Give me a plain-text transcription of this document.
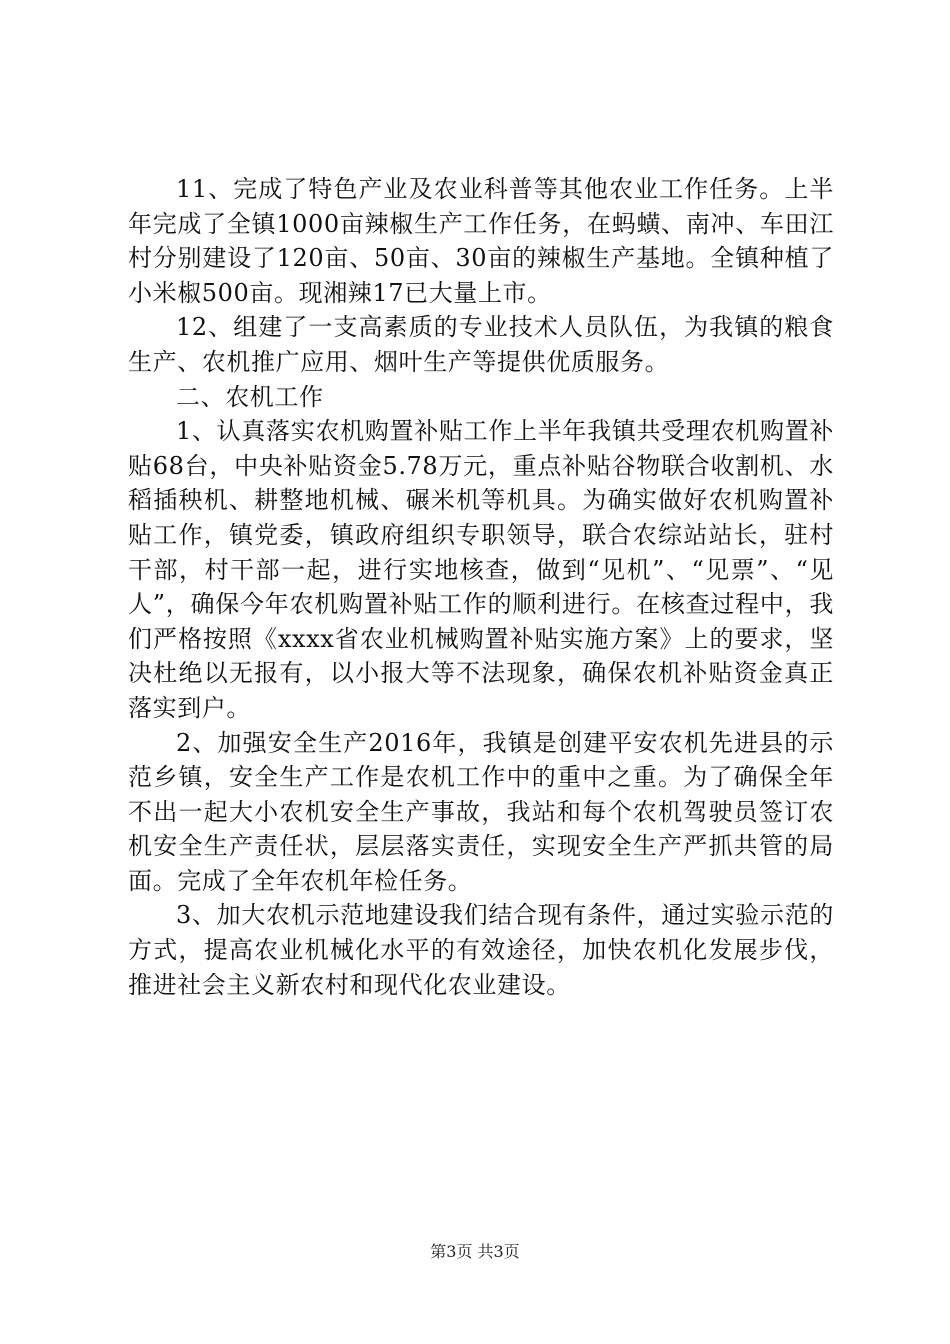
11、完成了特色产业及农业科普等其他农业工作任务。上半年完成了全镇1000亩辣椒生产工作任务，在蚂蟥、南冲、车田江村分别建设了120亩、50亩、30亩的辣椒生产基地。全镇种植了小米椒500亩。现湘辣17已大量上市。

12、组建了一支高素质的专业技术人员队伍，为我镇的粮食生产、农机推广应用、烟叶生产等提供优质服务。

二、农机工作

1、认真落实农机购置补贴工作上半年我镇共受理农机购置补贴68台，中央补贴资金5.78万元，重点补贴谷物联合收割机、水稻插秧机、耕整地机械、碾米机等机具。为确实做好农机购置补贴工作，镇党委，镇政府组织专职领导，联合农综站站长，驻村干部，村干部一起，进行实地核查，做到“见机”、“见票”、“见人”，确保今年农机购置补贴工作的顺利进行。在核查过程中，我们严格按照《xxxx省农业机械购置补贴实施方案》上的要求，坚决杜绝以无报有，以小报大等不法现象，确保农机补贴资金真正落实到户。

2、加强安全生产2016年，我镇是创建平安农机先进县的示范乡镇，安全生产工作是农机工作中的重中之重。为了确保全年不出一起大小农机安全生产事故，我站和每个农机驾驶员签订农机安全生产责任状，层层落实责任，实现安全生产严抓共管的局面。完成了全年农机年检任务。

3、加大农机示范地建设我们结合现有条件，通过实验示范的方式，提高农业机械化水平的有效途径，加快农机化发展步伐，推进社会主义新农村和现代化农业建设。

第3页 共3页
